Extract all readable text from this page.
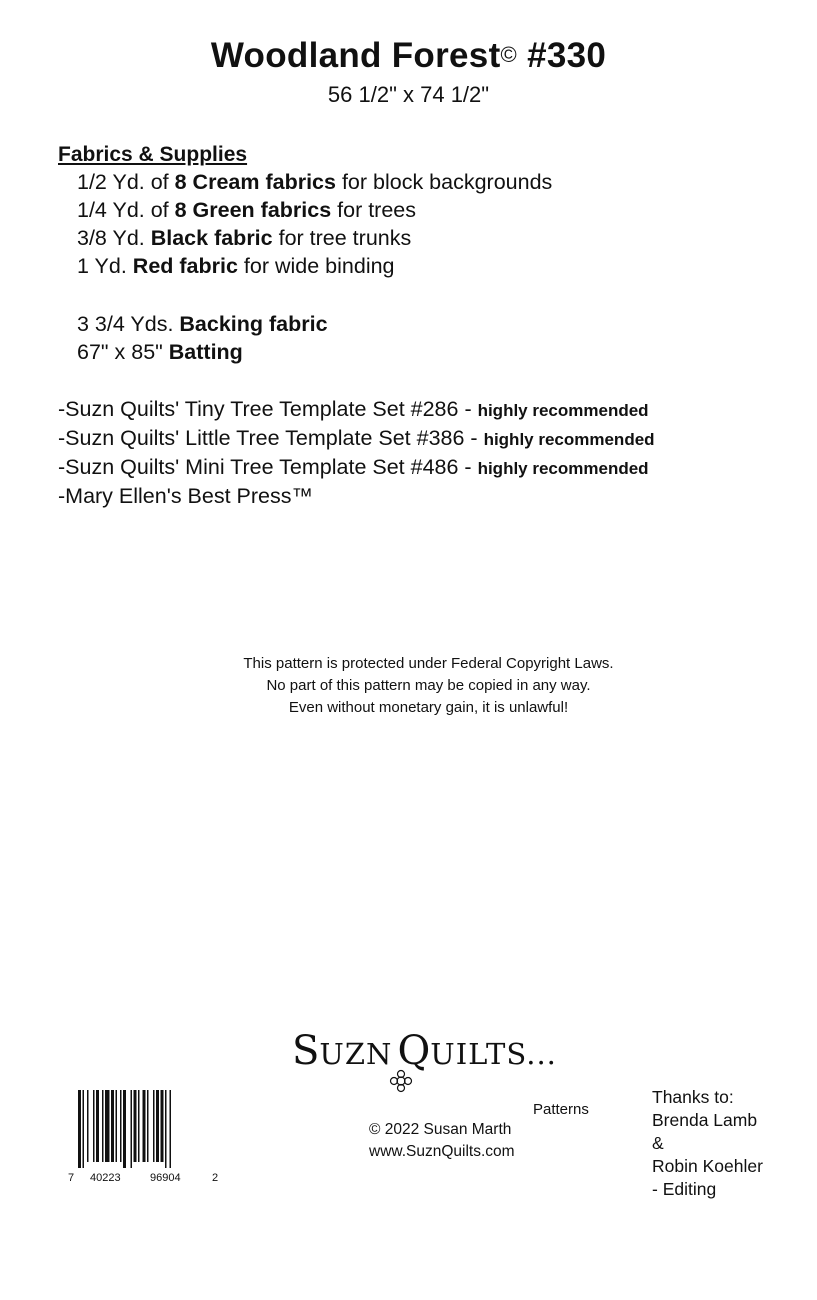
Woodland Forest© #330
56 1/2" x 74 1/2"
Fabrics & Supplies
1/2 Yd. of 8 Cream fabrics for block backgrounds
1/4 Yd. of 8 Green fabrics for trees
3/8 Yd. Black fabric for tree trunks
1 Yd. Red fabric for wide binding
3 3/4 Yds. Backing fabric
67" x 85" Batting
-Suzn Quilts' Tiny Tree Template Set #286 - highly recommended
-Suzn Quilts' Little Tree Template Set #386 - highly recommended
-Suzn Quilts' Mini Tree Template Set #486 - highly recommended
-Mary Ellen's Best Press™
This pattern is protected under Federal Copyright Laws.
No part of this pattern may be copied in any way.
Even without monetary gain, it is unlawful!
SUZN QUILTS...
Patterns
© 2022 Susan Marth
www.SuznQuilts.com
Thanks to:
Brenda Lamb
&
Robin Koehler
- Editing
7 40223	96904	2
